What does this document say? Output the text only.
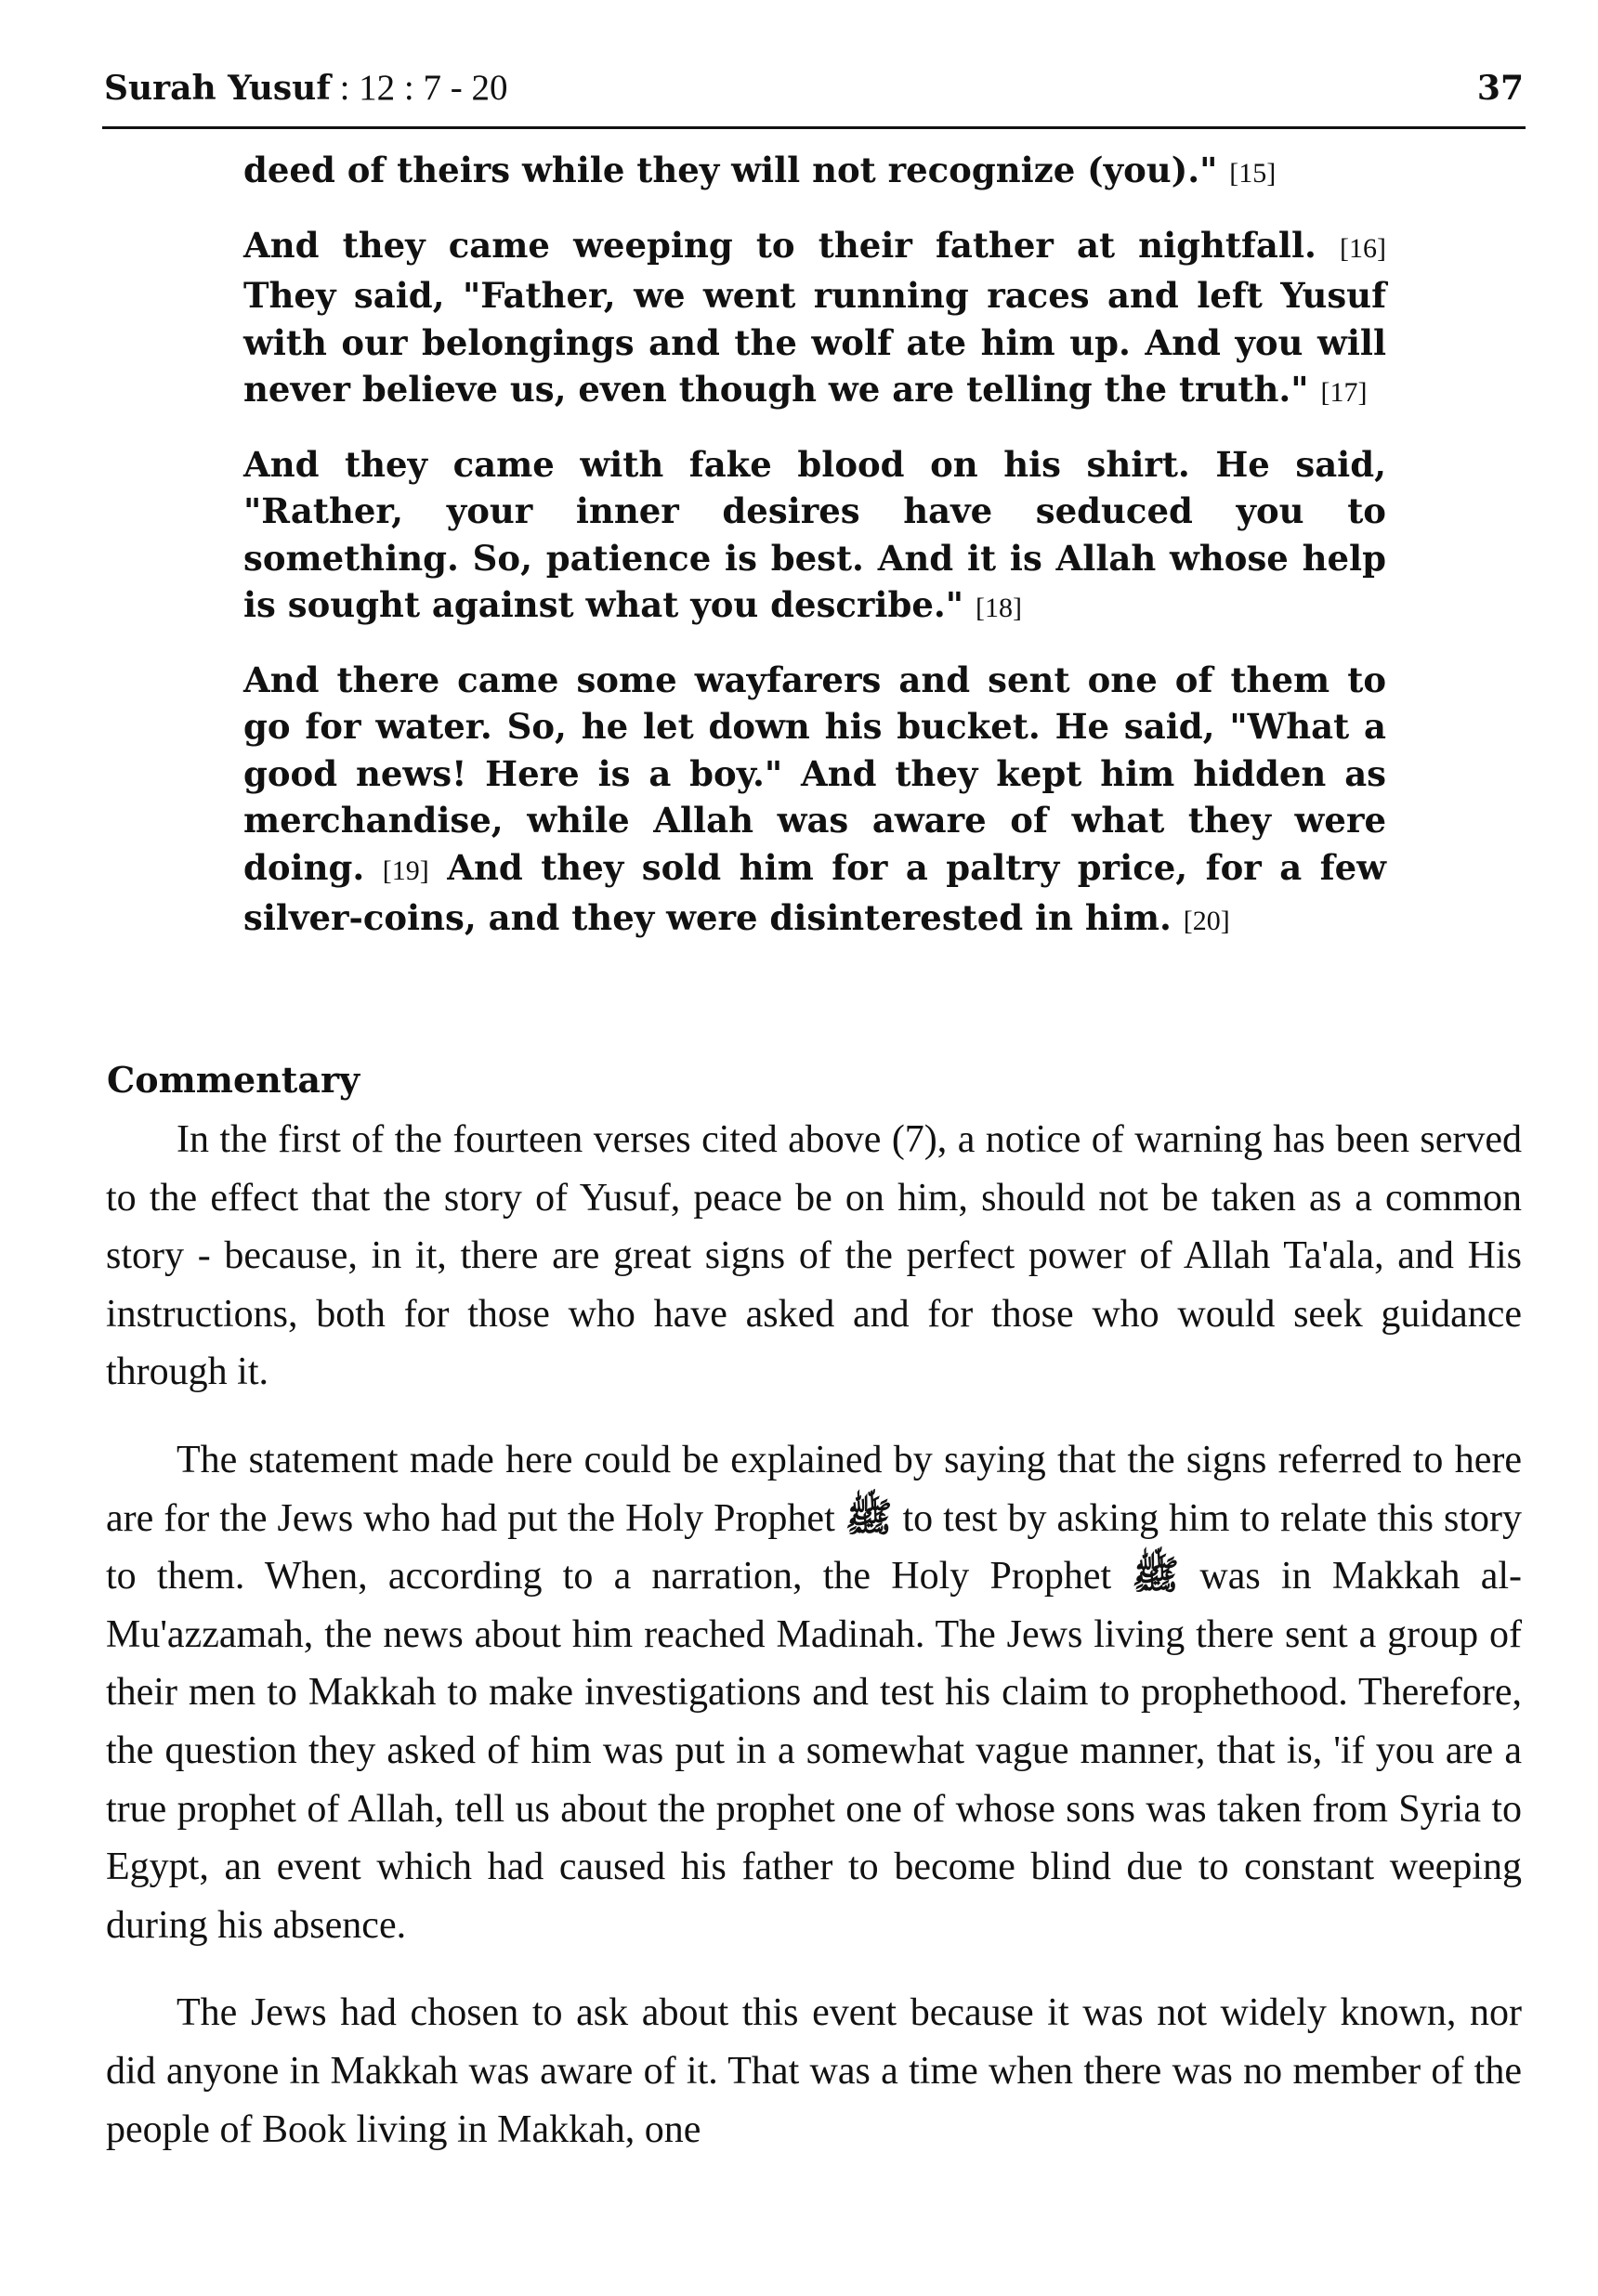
Surah Yusuf : 12 : 7 - 20	37

deed of theirs while they will not recognize (you)." [15]

And they came weeping to their father at nightfall. [16] They said, "Father, we went running races and left Yusuf with our belongings and the wolf ate him up. And you will never believe us, even though we are telling the truth." [17]

And they came with fake blood on his shirt. He said, "Rather, your inner desires have seduced you to something. So, patience is best. And it is Allah whose help is sought against what you describe." [18]

And there came some wayfarers and sent one of them to go for water. So, he let down his bucket. He said, "What a good news! Here is a boy." And they kept him hidden as merchandise, while Allah was aware of what they were doing. [19] And they sold him for a paltry price, for a few silver-coins, and they were disinterested in him. [20]

Commentary

In the first of the fourteen verses cited above (7), a notice of warning has been served to the effect that the story of Yusuf, peace be on him, should not be taken as a common story - because, in it, there are great signs of the perfect power of Allah Ta'ala, and His instructions, both for those who have asked and for those who would seek guidance through it.

The statement made here could be explained by saying that the signs referred to here are for the Jews who had put the Holy Prophet ﷺ to test by asking him to relate this story to them. When, according to a narration, the Holy Prophet ﷺ was in Makkah al-Mu'azzamah, the news about him reached Madinah. The Jews living there sent a group of their men to Makkah to make investigations and test his claim to prophethood. Therefore, the question they asked of him was put in a somewhat vague manner, that is, 'if you are a true prophet of Allah, tell us about the prophet one of whose sons was taken from Syria to Egypt, an event which had caused his father to become blind due to constant weeping during his absence.

The Jews had chosen to ask about this event because it was not widely known, nor did anyone in Makkah was aware of it. That was a time when there was no member of the people of Book living in Makkah, one
